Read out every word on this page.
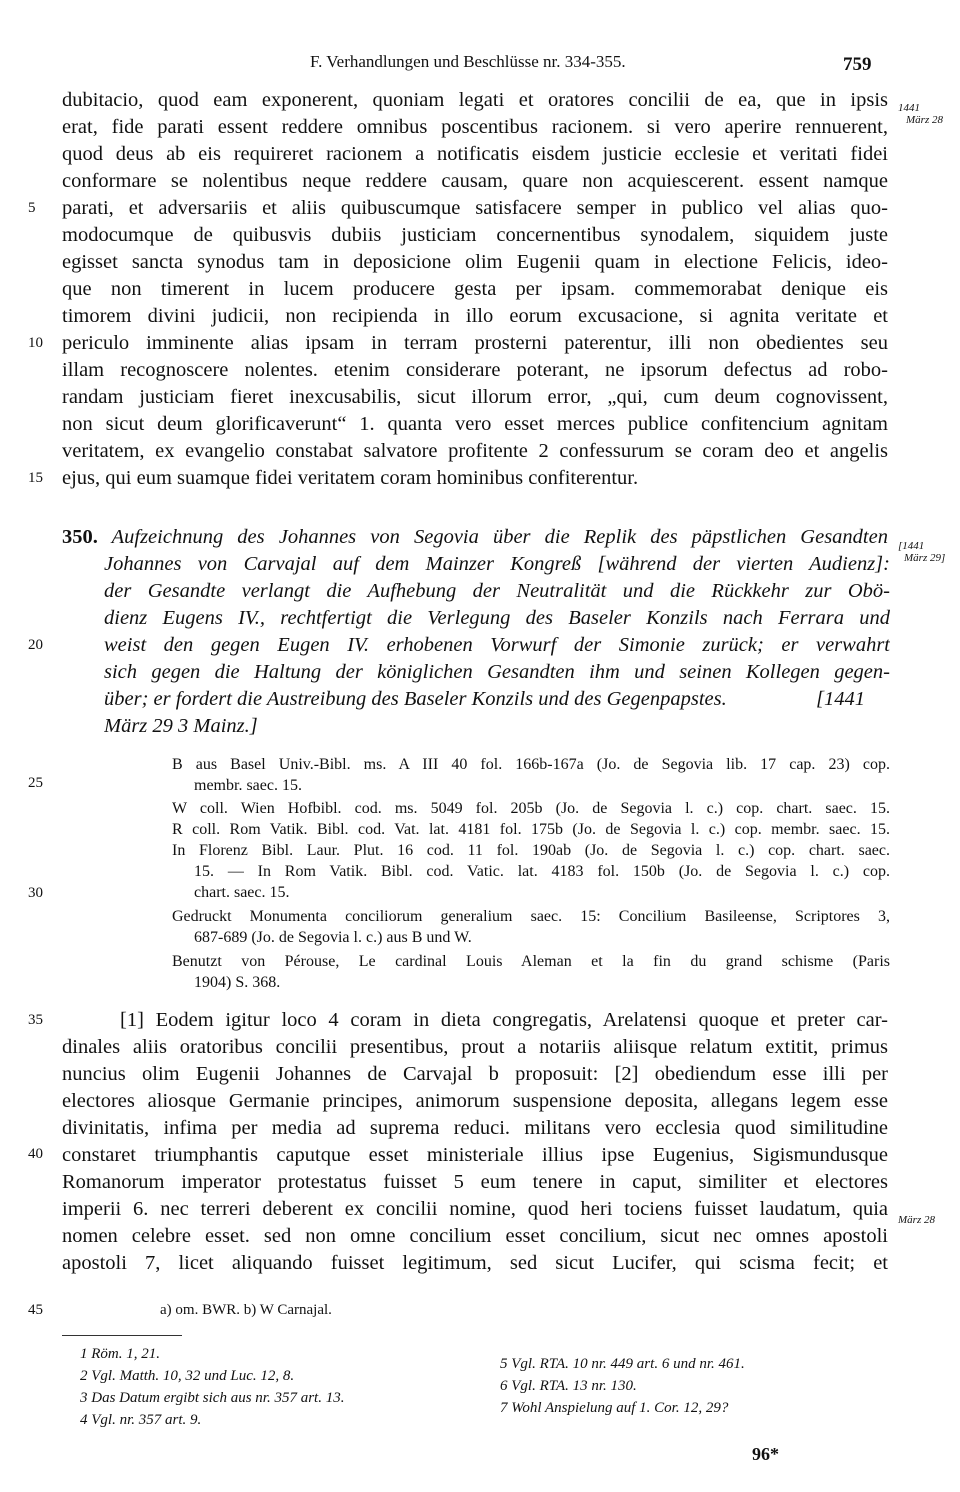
F. Verhandlungen und Beschlüsse nr. 334-355.	759
dubitacio, quod eam exponerent, quoniam legati et oratores concilii de ea, que in ipsis
erat, fide parati essent reddere omnibus poscentibus racionem. si vero aperire rennuerent,
quod deus ab eis requireret racionem a notificatis eisdem justicie ecclesie et veritati fidei
conformare se nolentibus neque reddere causam, quare non acquiescerent. essent namque
parati, et adversariis et aliis quibuscumque satisfacere semper in publico vel alias quo-
modocumque de quibusvis dubiis justiciam concernentibus synodalem, siquidem juste
egisset sancta synodus tam in deposicione olim Eugenii quam in electione Felicis, ideo-
que non timerent in lucem producere gesta per ipsam. commemorabat denique eis
timorem divini judicii, non recipienda in illo eorum excusacione, si agnita veritate et
periculo imminente alias ipsam in terram prosterni paterentur, illi non obedientes seu
illam recognoscere nolentes. etenim considerare poterant, ne ipsorum defectus ad robo-
randam justiciam fieret inexcusabilis, sicut illorum error, „qui, cum deum cognovissent,
non sicut deum glorificaverunt“ 1. quanta vero esset merces publice confitencium agnitam
veritatem, ex evangelio constabat salvatore profitente 2 confessurum se coram deo et angelis
ejus, qui eum suamque fidei veritatem coram hominibus confiterentur.
5
10
15
20
25
30
35
40
45
1441
März 28
[1441
März 29]
März 28
350. Aufzeichnung des Johannes von Segovia über die Replik des päpstlichen Gesandten
Johannes von Carvajal auf dem Mainzer Kongreß [während der vierten Audienz]:
der Gesandte verlangt die Aufhebung der Neutralität und die Rückkehr zur Obö-
dienz Eugens IV., rechtfertigt die Verlegung des Baseler Konzils nach Ferrara und
weist den gegen Eugen IV. erhobenen Vorwurf der Simonie zurück; er verwahrt
sich gegen die Haltung der königlichen Gesandten ihm und seinen Kollegen gegen-
über; er fordert die Austreibung des Baseler Konzils und des Gegenpapstes.	[1441
März 29 3 Mainz.]
B aus Basel Univ.-Bibl. ms. A III 40 fol. 166b-167a (Jo. de Segovia lib. 17 cap. 23) cop.
membr. saec. 15.
W coll. Wien Hofbibl. cod. ms. 5049 fol. 205b (Jo. de Segovia l. c.) cop. chart. saec. 15.
R coll. Rom Vatik. Bibl. cod. Vat. lat. 4181 fol. 175b (Jo. de Segovia l. c.) cop. membr. saec. 15.
In Florenz Bibl. Laur. Plut. 16 cod. 11 fol. 190ab (Jo. de Segovia l. c.) cop. chart. saec.
15. — In Rom Vatik. Bibl. cod. Vatic. lat. 4183 fol. 150b (Jo. de Segovia l. c.) cop.
chart. saec. 15.
Gedruckt Monumenta conciliorum generalium saec. 15: Concilium Basileense, Scriptores 3,
687-689 (Jo. de Segovia l. c.) aus B und W.
Benutzt von Pérouse, Le cardinal Louis Aleman et la fin du grand schisme (Paris
1904) S. 368.
[1] Eodem igitur loco 4 coram in dieta congregatis, Arelatensi quoque et preter car-
dinales aliis oratoribus concilii presentibus, prout a notariis aliisque relatum extitit, primus
nuncius olim Eugenii Johannes de Carvajal b proposuit: [2] obediendum esse illi per
electores aliosque Germanie principes, animorum suspensione deposita, allegans legem esse
divinitatis, infima per media ad suprema reduci. militans vero ecclesia quod similitudine
constaret triumphantis caputque esset ministeriale illius ipse Eugenius, Sigismundusque
Romanorum imperator protestatus fuisset 5 eum tenere in caput, similiter et electores
imperii 6. nec terreri deberent ex concilii nomine, quod heri tociens fuisset laudatum, quia
nomen celebre esset. sed non omne concilium esset concilium, sicut nec omnes apostoli
apostoli 7, licet aliquando fuisset legitimum, sed sicut Lucifer, qui scisma fecit; et
a) om. BWR. b) W Carnajal.
1 Röm. 1, 21.
2 Vgl. Matth. 10, 32 und Luc. 12, 8.
3 Das Datum ergibt sich aus nr. 357 art. 13.
4 Vgl. nr. 357 art. 9.
5 Vgl. RTA. 10 nr. 449 art. 6 und nr. 461.
6 Vgl. RTA. 13 nr. 130.
7 Wohl Anspielung auf 1. Cor. 12, 29?
96*
